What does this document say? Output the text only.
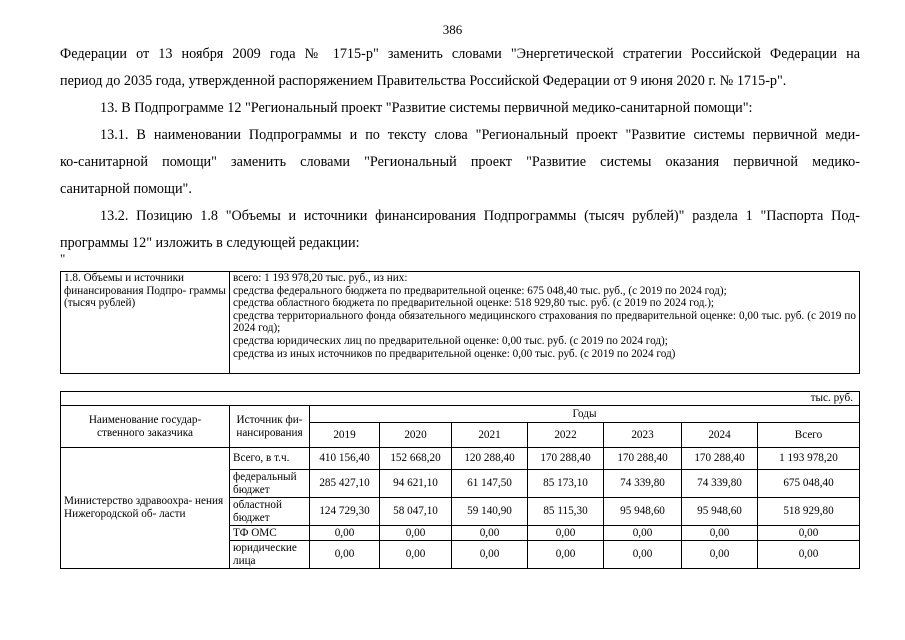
386

Федерации от 13 ноября 2009 года № 1715-р" заменить словами "Энергетической стратегии Российской Федерации на

период до 2035 года, утвержденной распоряжением Правительства Российской Федерации от 9 июня 2020 г. № 1715-р".

13. В Подпрограмме 12 "Региональный проект "Развитие системы первичной медико-санитарной помощи":

13.1. В наименовании Подпрограммы и по тексту слова "Региональный проект "Развитие системы первичной меди-

ко-санитарной помощи" заменить словами "Региональный проект "Развитие системы оказания первичной медико-

санитарной помощи".

13.2. Позицию 1.8 "Объемы и источники финансирования Подпрограммы (тысяч рублей)" раздела 1 "Паспорта Под-

программы 12" изложить в следующей редакции:

"
1.8. Объемы и источники финансирования Подпро- граммы (тысяч рублей)	
всего: 1 193 978,20 тыс. руб., из них:
средства федерального бюджета по предварительной оценке: 675 048,40 тыс. руб., (с 2019 по 2024 год);
средства областного бюджета по предварительной оценке: 518 929,80 тыс. руб. (с 2019 по 2024 год.);
средства территориального фонда обязательного медицинского страхования по предварительной оценке: 0,00 тыс. руб. (с 2019 по 2024 год);
средства юридических лиц по предварительной оценке: 0,00 тыс. руб. (с 2019 по 2024 год);
средства из иных источников по предварительной оценке: 0,00 тыс. руб. (с 2019 по 2024 год)
тыс. руб.								
Наименование государ- ственного заказчика	Источник фи- нансирования	Годы						
		2019	2020	2021	2022	2023	2024	Всего
Министерство здравоохра- нения Нижегородской об- ласти	Всего, в т.ч.	410 156,40	152 668,20	120 288,40	170 288,40	170 288,40	170 288,40	1 193 978,20
	федеральный бюджет	285 427,10	94 621,10	61 147,50	85 173,10	74 339,80	74 339,80	675 048,40
	областной бюджет	124 729,30	58 047,10	59 140,90	85 115,30	95 948,60	95 948,60	518 929,80
	ТФ ОМС	0,00	0,00	0,00	0,00	0,00	0,00	0,00
	юридические лица	0,00	0,00	0,00	0,00	0,00	0,00	0,00
